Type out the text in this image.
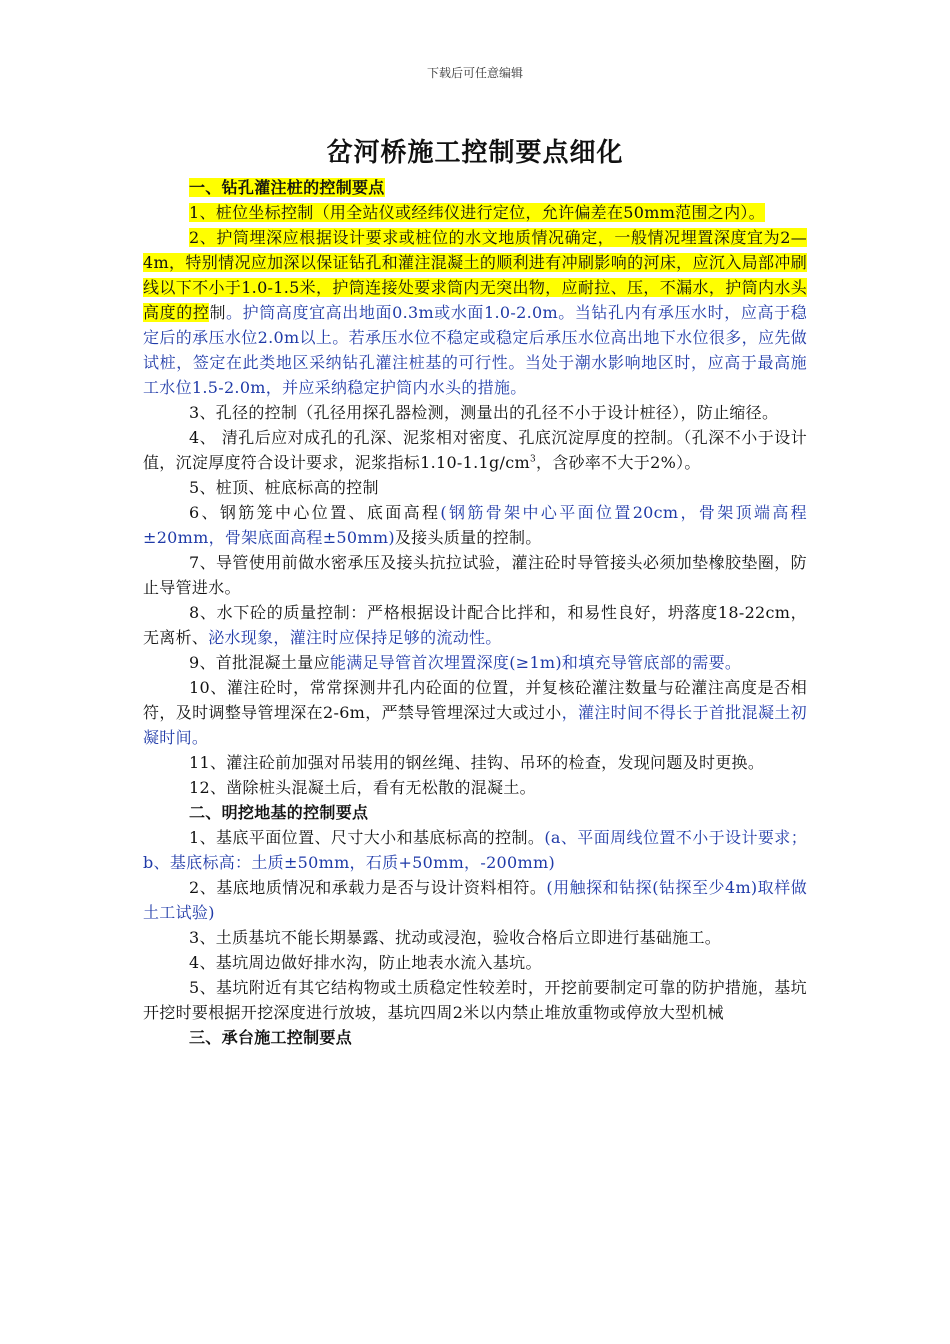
下载后可任意编辑
岔河桥施工控制要点细化

一、钻孔灌注桩的控制要点

1、桩位坐标控制（用全站仪或经纬仪进行定位，允许偏差在50mm范围之内）。

2、护筒埋深应根据设计要求或桩位的水文地质情况确定，一般情况埋置深度宜为2—4m，特别情况应加深以保证钻孔和灌注混凝土的顺利进有冲刷影响的河床，应沉入局部冲刷线以下不小于1.0-1.5米，护筒连接处要求筒内无突出物，应耐拉、压，不漏水，护筒内水头高度的控制。护筒高度宜高出地面0.3m或水面1.0-2.0m。当钻孔内有承压水时，应高于稳定后的承压水位2.0m以上。若承压水位不稳定或稳定后承压水位高出地下水位很多，应先做试桩，签定在此类地区采纳钻孔灌注桩基的可行性。当处于潮水影响地区时，应高于最高施工水位1.5-2.0m，并应采纳稳定护筒内水头的措施。

3、孔径的控制（孔径用探孔器检测，测量出的孔径不小于设计桩径），防止缩径。

4、 清孔后应对成孔的孔深、泥浆相对密度、孔底沉淀厚度的控制。（孔深不小于设计值，沉淀厚度符合设计要求，泥浆指标$1.10-1.1g/cm^3$，含砂率不大于2%）。

5、桩顶、桩底标高的控制

6、钢筋笼中心位置、底面高程(钢筋骨架中心平面位置20cm，骨架顶端高程±20mm，骨架底面高程±50mm)及接头质量的控制。

7、导管使用前做水密承压及接头抗拉试验，灌注砼时导管接头必须加垫橡胶垫圈，防止导管进水。

8、水下砼的质量控制：严格根据设计配合比拌和，和易性良好，坍落度18-22cm，无离析、泌水现象，灌注时应保持足够的流动性。

9、首批混凝土量应能满足导管首次埋置深度(≥1m)和填充导管底部的需要。

10、灌注砼时，常常探测井孔内砼面的位置，并复核砼灌注数量与砼灌注高度是否相符，及时调整导管埋深在2-6m，严禁导管埋深过大或过小，灌注时间不得长于首批混凝土初凝时间。

11、灌注砼前加强对吊装用的钢丝绳、挂钩、吊环的检查，发现问题及时更换。

12、凿除桩头混凝土后，看有无松散的混凝土。

二、明挖地基的控制要点

1、基底平面位置、尺寸大小和基底标高的控制。(a、平面周线位置不小于设计要求；b、基底标高：土质±50mm，石质+50mm，-200mm)

2、基底地质情况和承载力是否与设计资料相符。(用触探和钻探(钻探至少4m)取样做土工试验)

3、土质基坑不能长期暴露、扰动或浸泡，验收合格后立即进行基础施工。

4、基坑周边做好排水沟，防止地表水流入基坑。

5、基坑附近有其它结构物或土质稳定性较差时，开挖前要制定可靠的防护措施，基坑开挖时要根据开挖深度进行放坡，基坑四周2米以内禁止堆放重物或停放大型机械

三、承台施工控制要点
